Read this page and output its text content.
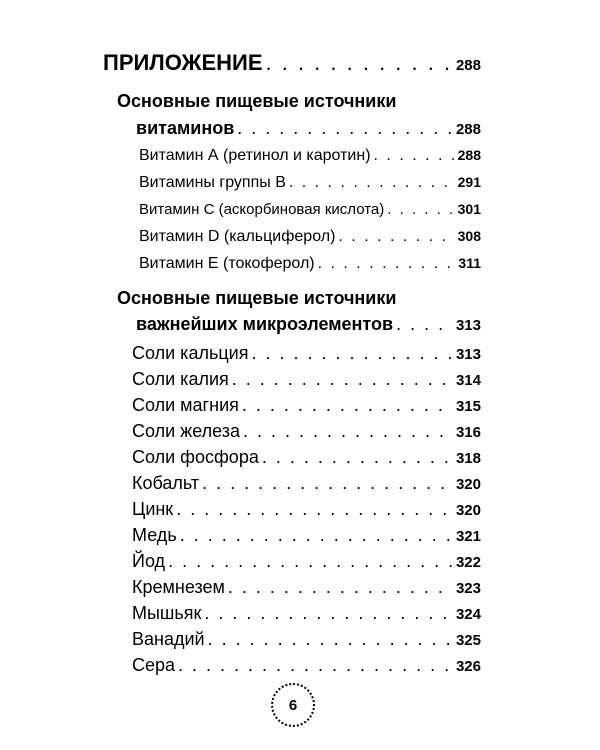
ПРИЛОЖЕНИЕ . . .	288
Основные пищевые источники
витаминов . . .	288
Витамин А (ретинол и каротин) . . .	288
Витамины группы В . . .	291
Витамин С (аскорбиновая кислота) . . .	301
Витамин D (кальциферол) . . .	308
Витамин Е (токоферол) . . .	311
Основные пищевые источники
важнейших микроэлементов . . .	313
Соли кальция . . .	313
Соли калия . . .	314
Соли магния . . .	315
Соли железа . . .	316
Соли фосфора . . .	318
Кобальт . . .	320
Цинк . . .	320
Медь . . .	321
Йод . . .	322
Кремнезем . . .	323
Мышьяк . . .	324
Ванадий . . .	325
Сера . . .	326
6
